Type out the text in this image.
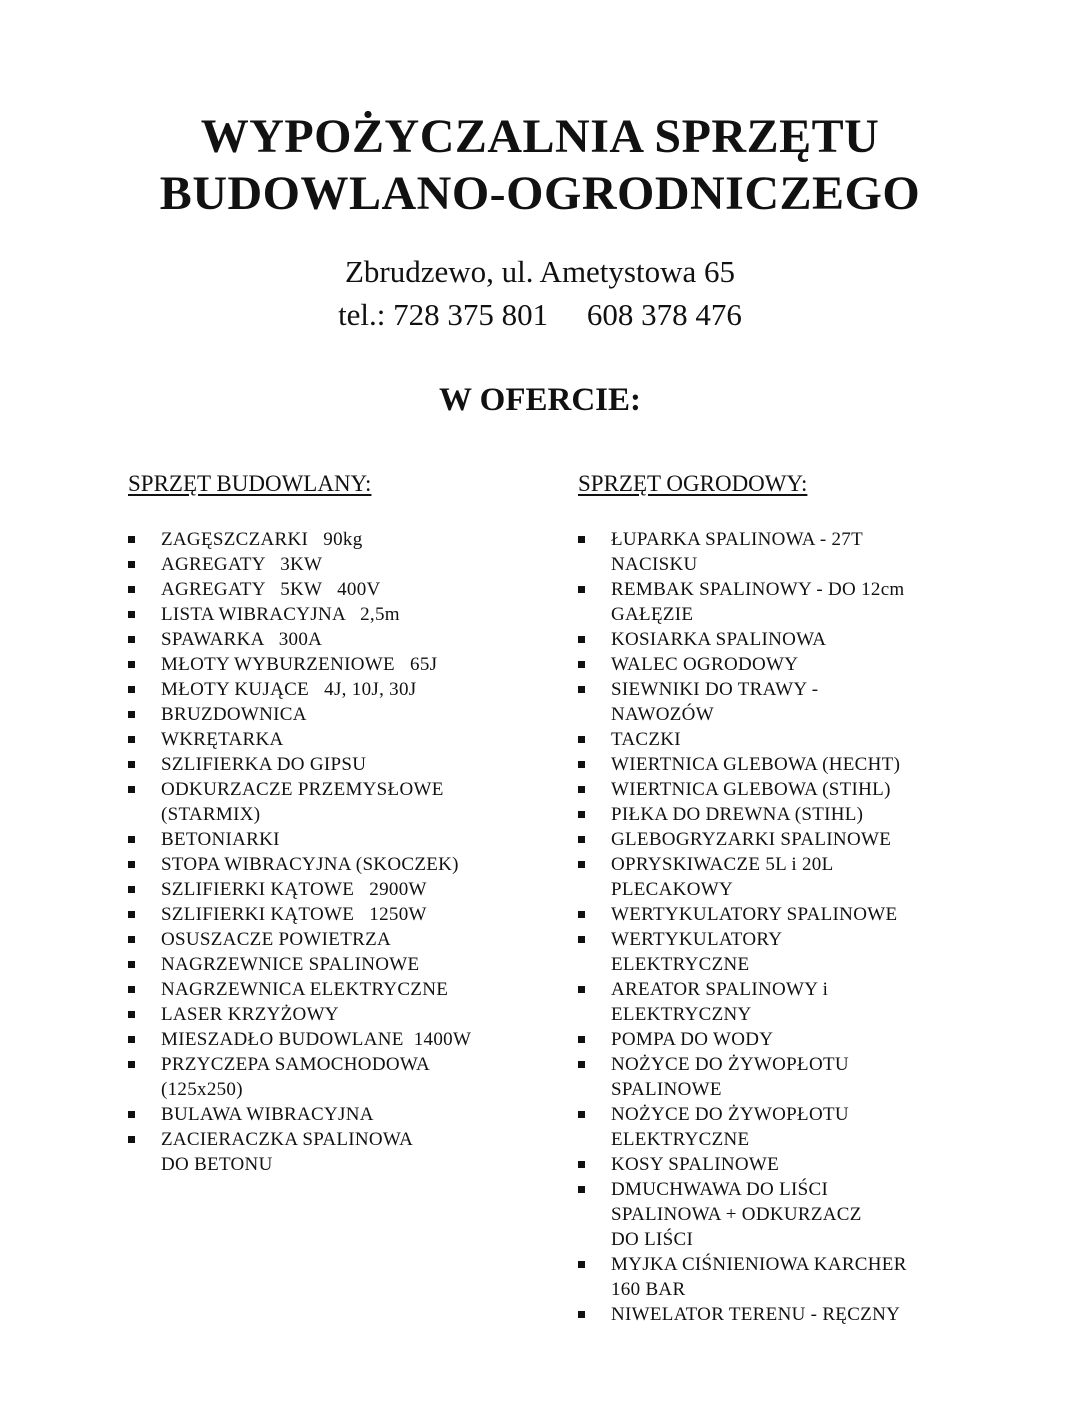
WYPOŻYCZALNIA SPRZĘTU
BUDOWLANO-OGRODNICZEGO
Zbrudzewo, ul. Ametystowa 65
tel.: 728 375 801     608 378 476
W OFERCIE:

SPRZĘT BUDOWLANY:

ZAGĘSZCZARKI   90kg
AGREGATY   3KW
AGREGATY   5KW   400V
LISTA WIBRACYJNA   2,5m
SPAWARKA   300A
MŁOTY WYBURZENIOWE   65J
MŁOTY KUJĄCE   4J, 10J, 30J
BRUZDOWNICA
WKRĘTARKA
SZLIFIERKA DO GIPSU
ODKURZACZE PRZEMYSŁOWE
(STARMIX)
BETONIARKI
STOPA WIBRACYJNA (SKOCZEK)
SZLIFIERKI KĄTOWE   2900W
SZLIFIERKI KĄTOWE   1250W
OSUSZACZE POWIETRZA
NAGRZEWNICE SPALINOWE
NAGRZEWNICA ELEKTRYCZNE
LASER KRZYŻOWY
MIESZADŁO BUDOWLANE  1400W
PRZYCZEPA SAMOCHODOWA
(125x250)
BULAWA WIBRACYJNA
ZACIERACZKA SPALINOWA
DO BETONU

SPRZĘT OGRODOWY:

ŁUPARKA SPALINOWA - 27T
NACISKU
REMBAK SPALINOWY - DO 12cm
GAŁĘZIE
KOSIARKA SPALINOWA
WALEC OGRODOWY
SIEWNIKI DO TRAWY -
NAWOZÓW
TACZKI
WIERTNICA GLEBOWA (HECHT)
WIERTNICA GLEBOWA (STIHL)
PIŁKA DO DREWNA (STIHL)
GLEBOGRYZARKI SPALINOWE
OPRYSKIWACZE 5L i 20L
PLECAKOWY
WERTYKULATORY SPALINOWE
WERTYKULATORY
ELEKTRYCZNE
AREATOR SPALINOWY i
ELEKTRYCZNY
POMPA DO WODY
NOŻYCE DO ŻYWOPŁOTU
SPALINOWE
NOŻYCE DO ŻYWOPŁOTU
ELEKTRYCZNE
KOSY SPALINOWE
DMUCHWAWA DO LIŚCI
SPALINOWA + ODKURZACZ
DO LIŚCI
MYJKA CIŚNIENIOWA KARCHER
160 BAR
NIWELATOR TERENU - RĘCZNY
